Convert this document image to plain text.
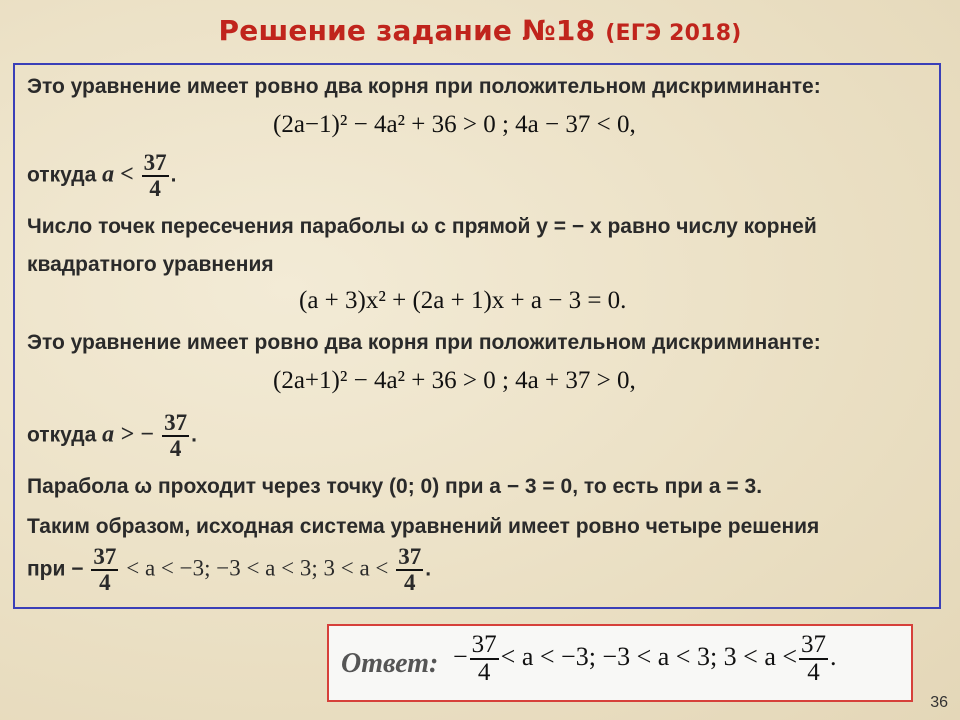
Решение задание №18 (ЕГЭ 2018)

Это уравнение имеет ровно два корня при положительном дискриминанте:

(2a−1)² − 4a² + 36 > 0 ; 4a − 37 < 0,

откуда $a < \frac{37}{4}$ .

Число точек пересечения параболы ω с прямой y = − x равно числу корней

квадратного уравнения

(a + 3)x² + (2a + 1)x + a − 3 = 0.

Это уравнение имеет ровно два корня при положительном дискриминанте:

(2a+1)² − 4a² + 36 > 0 ; 4a + 37 > 0,

откуда a > − $\frac{37}{4}$ .

Парабола ω проходит через точку (0; 0) при a − 3 = 0, то есть при a = 3.

Таким образом, исходная система уравнений имеет ровно четыре решения

при − $\frac{37}{4} < a < -3$; −3 < a < 3; $3 < a < \frac{37}{4}$ .
Ответ: − $\frac{37}{4} < a < -3$; −3 < a < 3; $3 < a < \frac{37}{4}$ .
36
